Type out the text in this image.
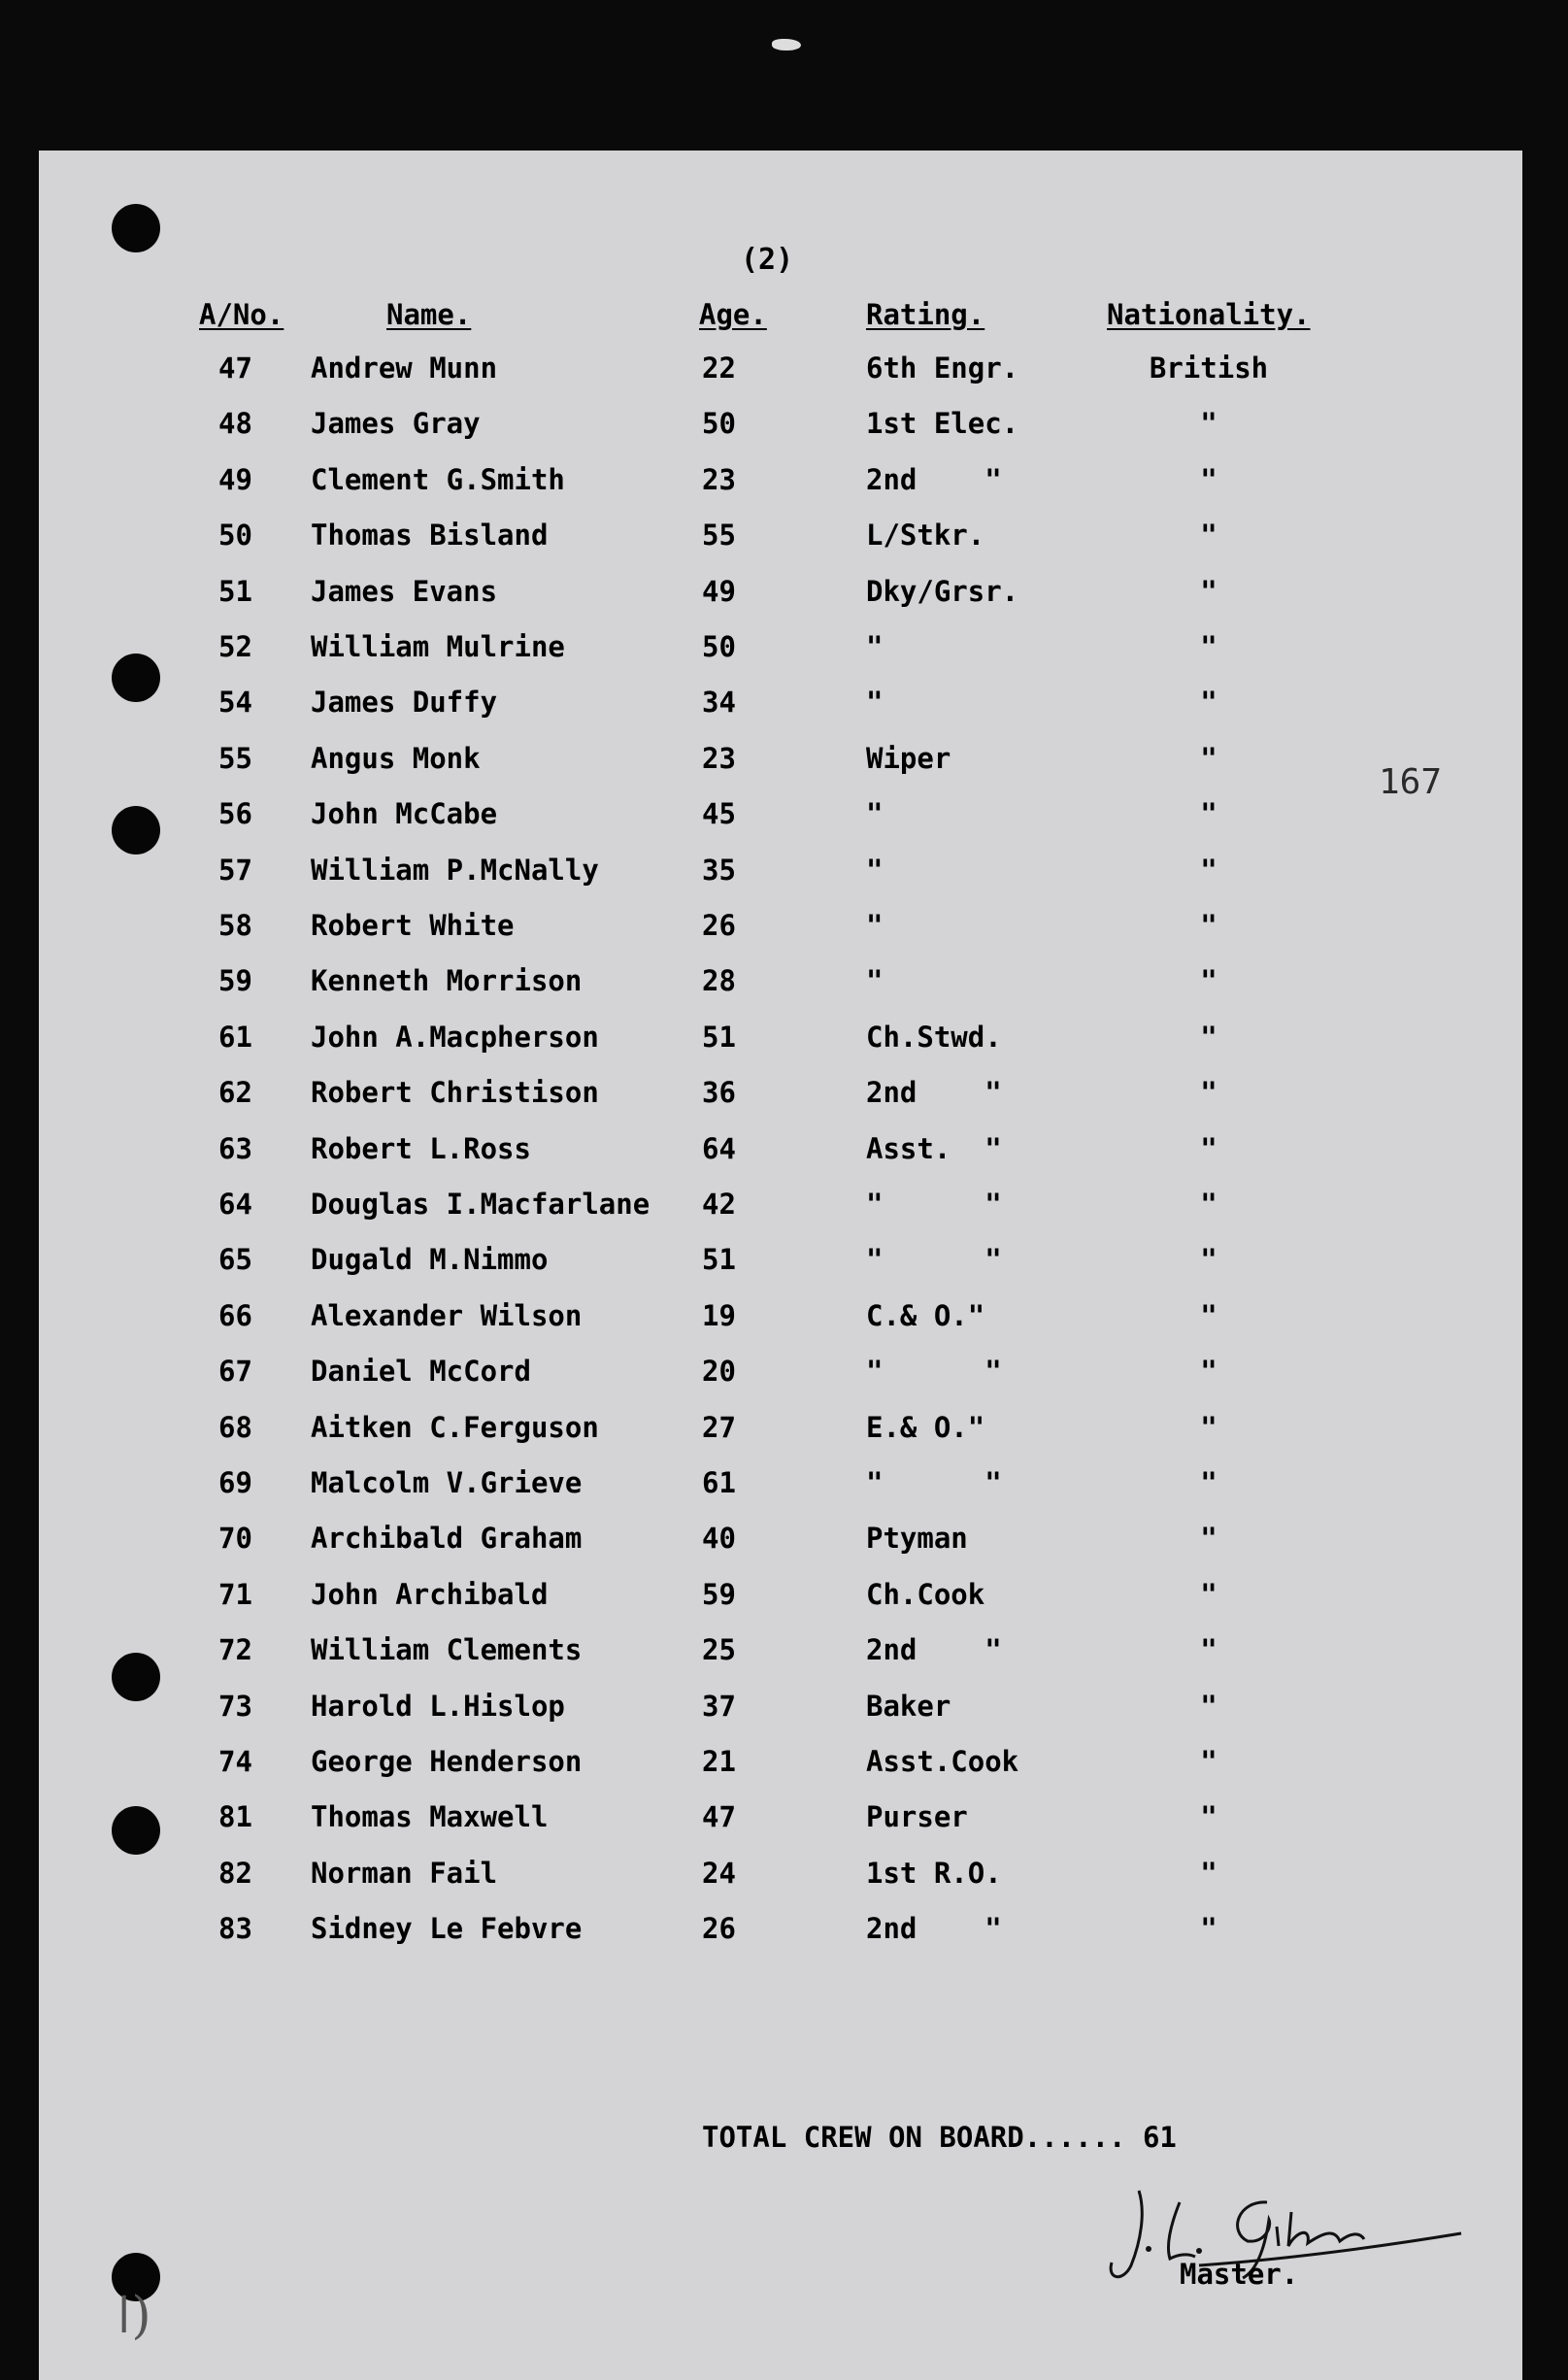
(2)
167
A/No.	Name.	Age.	Rating.	Nationality.
47 Andrew Munn	22	6th Engr.	British
48 James Gray	50	1st Elec.	"
49 Clement G.Smith	23	2nd    "	"
50 Thomas Bisland	55	L/Stkr.	"
51 James Evans	49	Dky/Grsr.	"
52 William Mulrine	50	"	"
54 James Duffy	34	"	"
55 Angus Monk	23	Wiper	"
56 John McCabe	45	"	"
57 William P.McNally	35	"	"
58 Robert White	26	"	"
59 Kenneth Morrison	28	"	"
61 John A.Macpherson	51	Ch.Stwd.	"
62 Robert Christison	36	2nd    "	"
63 Robert L.Ross	64	Asst.  "	"
64 Douglas I.Macfarlane 42	"      "	"
65 Dugald M.Nimmo	51	"      "	"
66 Alexander Wilson	19	C.& O."	"
67 Daniel McCord	20	"      "	"
68 Aitken C.Ferguson	27	E.& O."	"
69 Malcolm V.Grieve	61	"      "	"
70 Archibald Graham	40	Ptyman	"
71 John Archibald	59	Ch.Cook	"
72 William Clements	25	2nd    "	"
73 Harold L.Hislop	37	Baker	"
74 George Henderson	21	Asst.Cook	"
81 Thomas Maxwell	47	Purser	"
82 Norman Fail	24	1st R.O.	"
83 Sidney Le Febvre	26	2nd    "	"
TOTAL CREW ON BOARD...... 61
Master.
ǀ)
